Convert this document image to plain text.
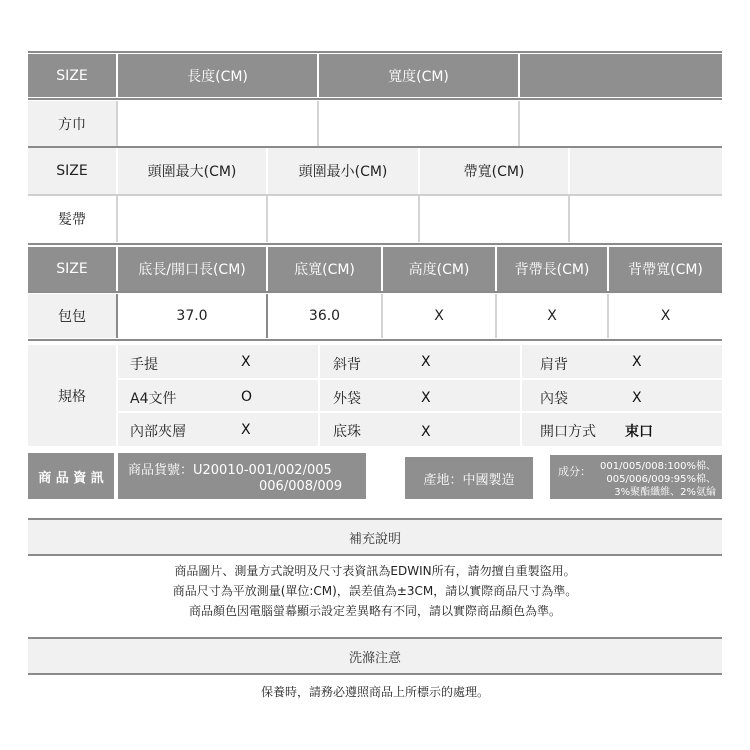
SIZE	長度(CM)	寬度(CM)
方巾
SIZE	頭圍最大(CM)	頭圍最小(CM)	帶寬(CM)
髮帶
SIZE	底長/開口長(CM)	底寬(CM)	高度(CM)	背帶長(CM)	背帶寬(CM)
包包	37.0	36.0	X	X	X
規格
手提	X	斜背	X	肩背	X
A4文件	O	外袋	X	內袋	X
內部夾層	X	底珠	X	開口方式 束口
商 品 資 訊 商品貨號：U20010-001/002/005
006/008/009	產地：中國製造
成分： 001/005/008:100%棉、
005/006/009:95%棉、
3%聚酯纖維、2%氨綸
補充說明
商品圖片、測量方式說明及尺寸表資訊為EDWIN所有，請勿擅自重製盜用。
商品尺寸為平放測量(單位:CM)，誤差值為±3CM，請以實際商品尺寸為準。
商品顏色因電腦螢幕顯示設定差異略有不同，請以實際商品顏色為準。
洗滌注意
保養時，請務必遵照商品上所標示的處理。
